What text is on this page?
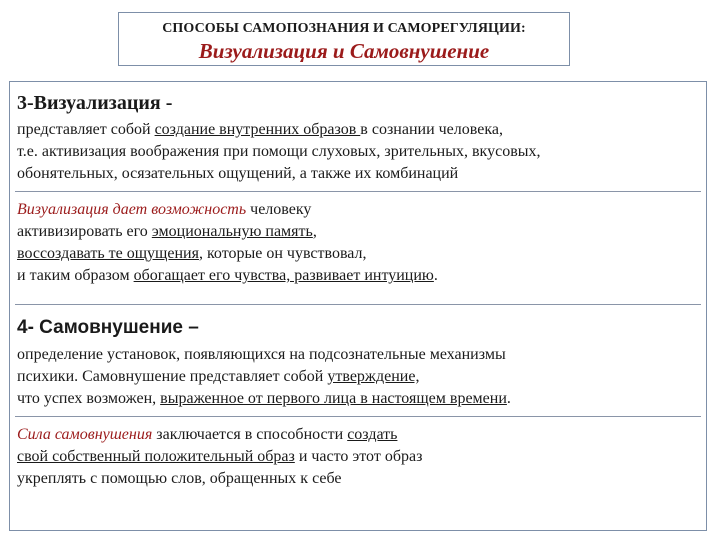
СПОСОБЫ САМОПОЗНАНИЯ И САМОРЕГУЛЯЦИИ:
Визуализация и Самовнушение
3-Визуализация -
представляет собой создание внутренних образов в сознании человека,
т.е. активизация воображения при помощи слуховых, зрительных, вкусовых,
обонятельных, осязательных ощущений, а также их комбинаций
Визуализация дает возможность человеку
активизировать его эмоциональную память,
воссоздавать те ощущения, которые он чувствовал,
и таким образом обогащает его чувства, развивает интуицию.
4- Самовнушение –
определение установок, появляющихся на подсознательные механизмы
психики. Самовнушение представляет собой утверждение,
что успех возможен, выраженное от первого лица в настоящем времени.
Сила самовнушения заключается в способности создать
свой собственный положительный образ и часто этот образ
укреплять с помощью слов, обращенных к себе
